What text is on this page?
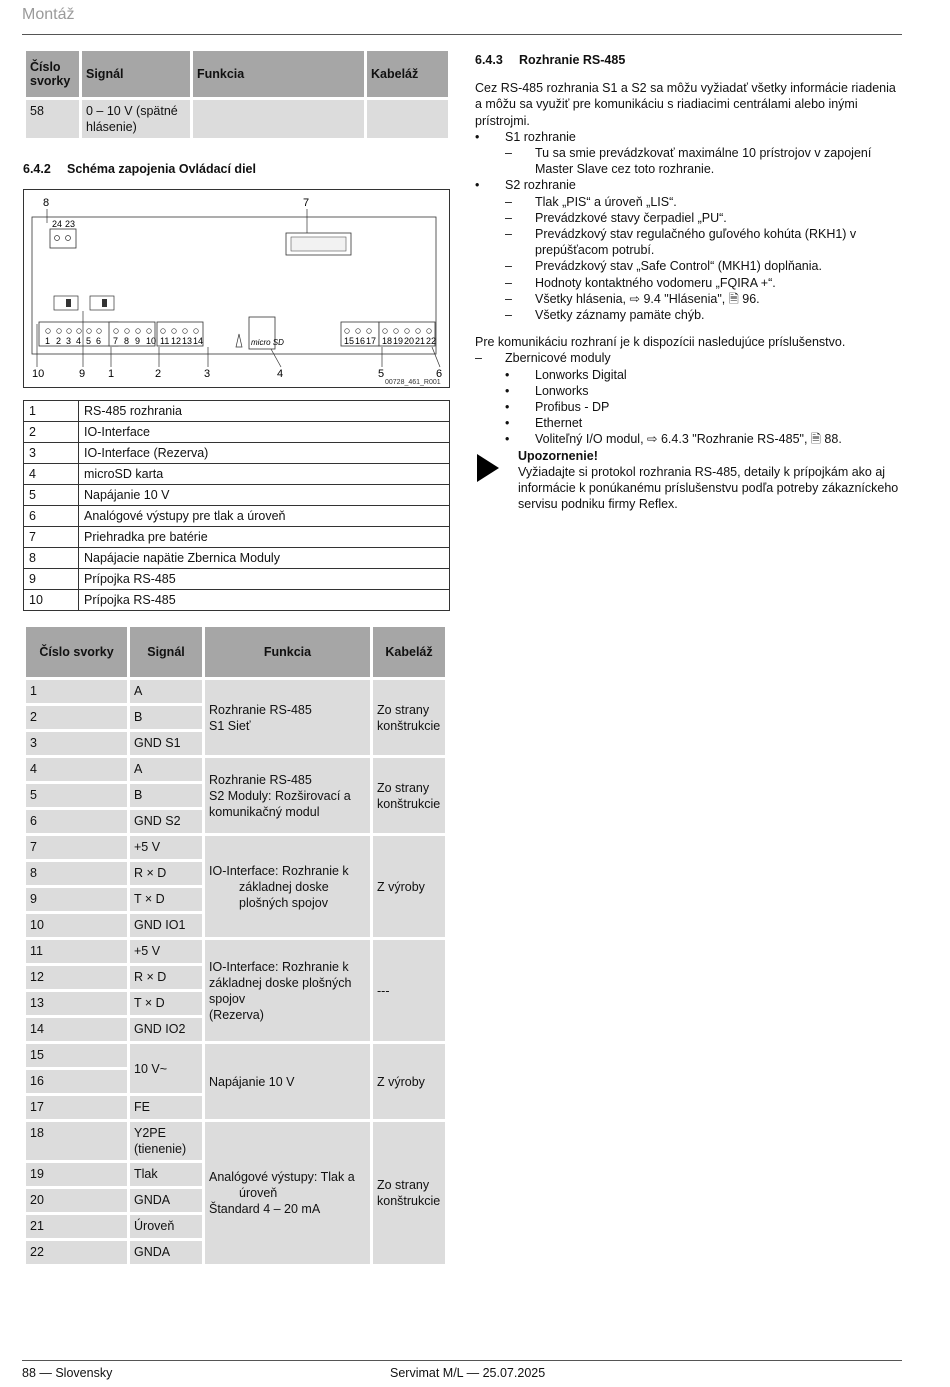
Montáž
88 — Slovensky	Servimat M/L — 25.07.2025
Číslo svorky	Signál	Funkcia	Kabeláž
58	0 – 10 V (spätné hlásenie)		
6.4.2 Schéma zapojenia Ovládací diel
8	7
24 23
micro SD
1 2 3 4 5 6 7 8 9 10 11 12 13 14	15 16 17 18 19 20 21 22
10	9 1	2	3	4	5	6
00728_461_R001
1	RS-485 rozhrania
2	IO-Interface
3	IO-Interface (Rezerva)
4	microSD karta
5	Napájanie 10 V
6	Analógové výstupy pre tlak a úroveň
7	Priehradka pre batérie
8	Napájacie napätie Zbernica Moduly
9	Prípojka RS-485
10	Prípojka RS-485
Číslo svorky	Signál	Funkcia	Kabeláž
1	A	Rozhranie RS-485
S1 Sieť	Zo strany konštrukcie
2	B		
3	GND S1		
4	A	Rozhranie RS-485
S2 Moduly: Rozširovací a komunikačný modul	Zo strany konštrukcie
5	B		
6	GND S2		
7	+5 V	IO-Interface: Rozhranie k
základnej doske plošných spojov	Z výroby
8	R × D		
9	T × D		
10	GND IO1		
11	+5 V	IO-Interface: Rozhranie k základnej doske plošných spojov
(Rezerva)	---
12	R × D		
13	T × D		
14	GND IO2		
15	10 V~	Napájanie 10 V	Z výroby
16			
17	FE		
18	Y2PE (tienenie)	Analógové výstupy: Tlak a
úroveň
Štandard 4 – 20 mA	Zo strany konštrukcie
19	Tlak		
20	GNDA		
21	Úroveň		
22	GNDA		
6.4.3 Rozhranie RS-485

Cez RS-485 rozhrania S1 a S2 sa môžu vyžiadať všetky informácie riadenia a môžu sa využiť pre komunikáciu s riadiacimi centrálami alebo inými prístrojmi.

• S1 rozhranie
– Tu sa smie prevádzkovať maximálne 10 prístrojov v zapojení Master Slave cez toto rozhranie.
• S2 rozhranie
– Tlak „PIS“ a úroveň „LIS“.
– Prevádzkové stavy čerpadiel „PU“.
– Prevádzkový stav regulačného guľového kohúta (RKH1) v prepúšťacom potrubí.
– Prevádzkový stav „Safe Control“ (MKH1) doplňania.
– Hodnoty kontaktného vodomeru „FQIRA +“.
– Všetky hlásenia, ⇨ 9.4 "Hlásenia", 🗎 96.
– Všetky záznamy pamäte chýb.

Pre komunikáciu rozhraní je k dispozícii nasledujúce príslušenstvo.

– Zbernicové moduly
• Lonworks Digital
• Lonworks
• Profibus - DP
• Ethernet
• Voliteľný I/O modul, ⇨ 6.4.3 "Rozhranie RS-485", 🗎 88.
Upozornenie!
Vyžiadajte si protokol rozhrania RS-485, detaily k prípojkám ako aj informácie k ponúkanému príslušenstvu podľa potreby zákazníckeho servisu podniku firmy Reflex.
